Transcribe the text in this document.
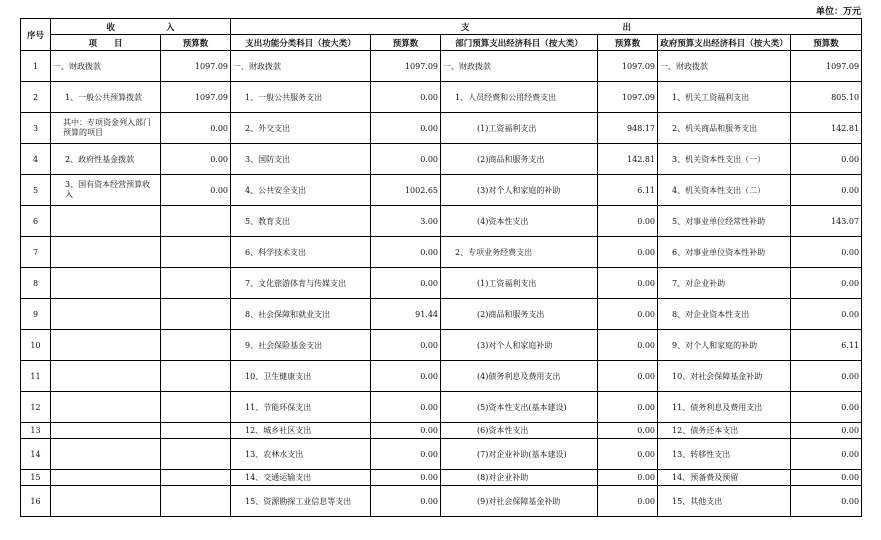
单位：万元
序号	收　　　　　　入		支　　　　　　　　　　　　　　　　　　出					
	项　　目	预算数	支出功能分类科目（按大类）	预算数	部门预算支出经济科目（按大类）	预算数	政府预算支出经济科目（按大类）	预算数
1	一、财政拨款	1097.09	一、财政拨款	1097.09	一、财政拨款	1097.09	一、财政拨款	1097.09
2	1、一般公共预算拨款	1097.09	1、一般公共服务支出	0.00	1、人员经费和公用经费支出	1097.09	1、机关工资福利支出	805.10
3	其中：专项资金列入部门预算的项目	0.00	2、外交支出	0.00	(1)工资福利支出	948.17	2、机关商品和服务支出	142.81
4	2、政府性基金拨款	0.00	3、国防支出	0.00	(2)商品和服务支出	142.81	3、机关资本性支出（一）	0.00
5	3、国有资本经营预算收入	0.00	4、公共安全支出	1002.65	(3)对个人和家庭的补助	6.11	4、机关资本性支出（二）	0.00
6			5、教育支出	3.00	(4)资本性支出	0.00	5、对事业单位经常性补助	143.07
7			6、科学技术支出	0.00	2、专项业务经费支出	0.00	6、对事业单位资本性补助	0.00
8			7、文化旅游体育与传媒支出	0.00	(1)工资福利支出	0.00	7、对企业补助	0.00
9			8、社会保障和就业支出	91.44	(2)商品和服务支出	0.00	8、对企业资本性支出	0.00
10			9、社会保险基金支出	0.00	(3)对个人和家庭补助	0.00	9、对个人和家庭的补助	6.11
11			10、卫生健康支出	0.00	(4)债务利息及费用支出	0.00	10、对社会保障基金补助	0.00
12			11、节能环保支出	0.00	(5)资本性支出(基本建设)	0.00	11、债务利息及费用支出	0.00
13			12、城乡社区支出	0.00	(6)资本性支出	0.00	12、债务还本支出	0.00
14			13、农林水支出	0.00	(7)对企业补助(基本建设)	0.00	13、转移性支出	0.00
15			14、交通运输支出	0.00	(8)对企业补助	0.00	14、预备费及预留	0.00
16			15、资源勘探工业信息等支出	0.00	(9)对社会保障基金补助	0.00	15、其他支出	0.00
